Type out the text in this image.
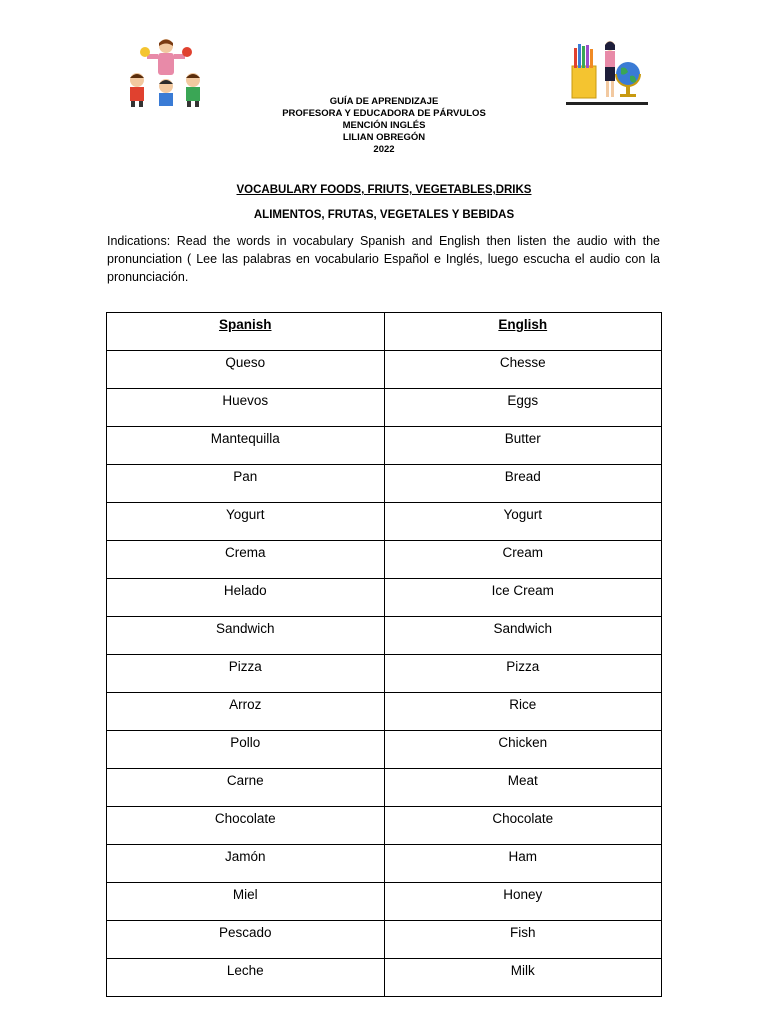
GUÍA DE APRENDIZAJE
PROFESORA Y EDUCADORA DE PÁRVULOS
MENCIÓN INGLÉS
LILIAN OBREGÓN
2022
VOCABULARY FOODS, FRIUTS, VEGETABLES,DRIKS
ALIMENTOS, FRUTAS, VEGETALES Y BEBIDAS
Indications: Read the words in vocabulary Spanish and English then listen the audio with the pronunciation ( Lee las palabras en vocabulario Español e Inglés, luego escucha el audio con la pronunciación.
Spanish	English
Queso	Chesse
Huevos	Eggs
Mantequilla	Butter
Pan	Bread
Yogurt	Yogurt
Crema	Cream
Helado	Ice Cream
Sandwich	Sandwich
Pizza	Pizza
Arroz	Rice
Pollo	Chicken
Carne	Meat
Chocolate	Chocolate
Jamón	Ham
Miel	Honey
Pescado	Fish
Leche	Milk
